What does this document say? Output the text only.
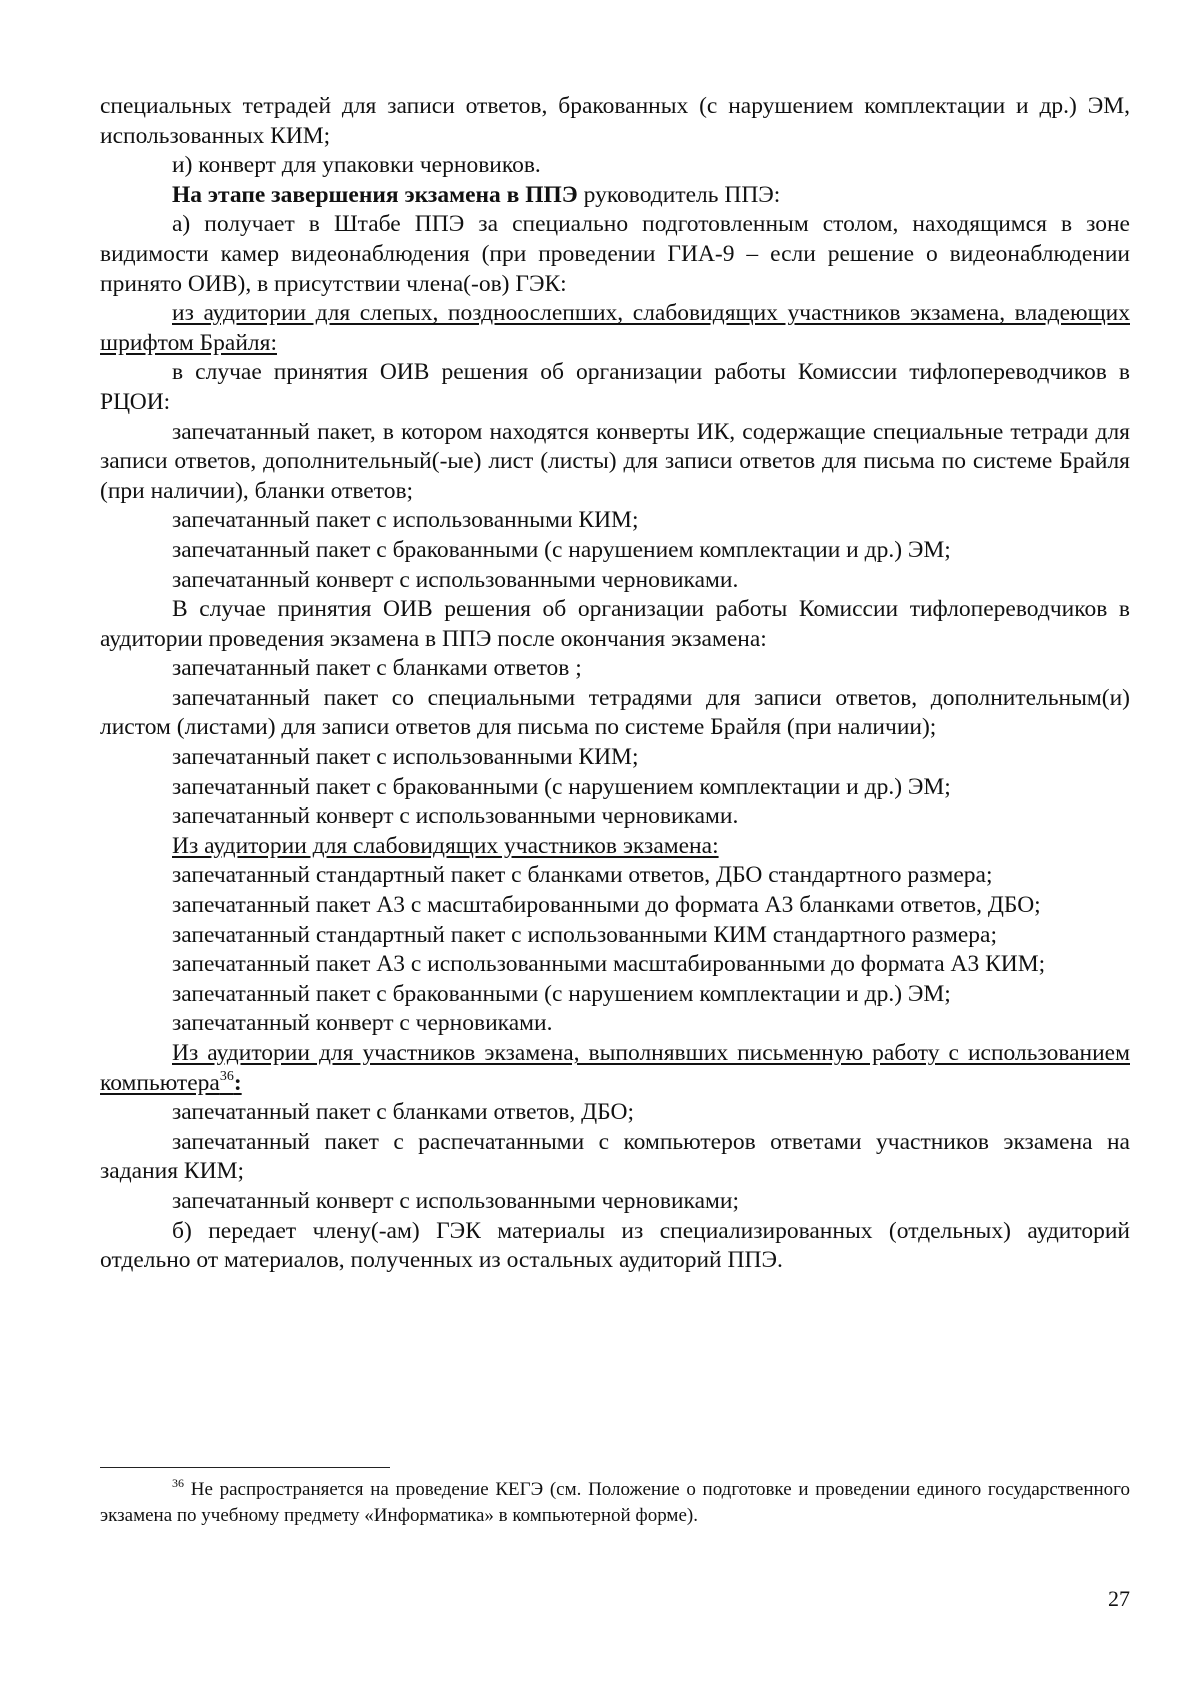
специальных тетрадей для записи ответов, бракованных (с нарушением комплектации и др.) ЭМ, использованных КИМ;

и) конверт для упаковки черновиков.

На этапе завершения экзамена в ППЭ руководитель ППЭ:

а) получает в Штабе ППЭ за специально подготовленным столом, находящимся в зоне видимости камер видеонаблюдения (при проведении ГИА-9 – если решение о видеонаблюдении принято ОИВ), в присутствии члена(-ов) ГЭК:

из аудитории для слепых, поздноослепших, слабовидящих участников экзамена, владеющих шрифтом Брайля:

в случае принятия ОИВ решения об организации работы Комиссии тифлопереводчиков в РЦОИ:

запечатанный пакет, в котором находятся конверты ИК, содержащие специальные тетради для записи ответов, дополнительный(-ые) лист (листы) для записи ответов для письма по системе Брайля (при наличии), бланки ответов;

запечатанный пакет с использованными КИМ;

запечатанный пакет с бракованными (с нарушением комплектации и др.) ЭМ;

запечатанный конверт с использованными черновиками.

В случае принятия ОИВ решения об организации работы Комиссии тифлопереводчиков в аудитории проведения экзамена в ППЭ после окончания экзамена:

запечатанный пакет с бланками ответов ;

запечатанный пакет со специальными тетрадями для записи ответов, дополнительным(и) листом (листами) для записи ответов для письма по системе Брайля (при наличии);

запечатанный пакет с использованными КИМ;

запечатанный пакет с бракованными (с нарушением комплектации и др.) ЭМ;

запечатанный конверт с использованными черновиками.

Из аудитории для слабовидящих участников экзамена:

запечатанный стандартный пакет с бланками ответов, ДБО стандартного размера;

запечатанный пакет А3 с масштабированными до формата А3 бланками ответов, ДБО;

запечатанный стандартный пакет с использованными КИМ стандартного размера;

запечатанный пакет А3 с использованными масштабированными до формата А3 КИМ;

запечатанный пакет с бракованными (с нарушением комплектации и др.) ЭМ;

запечатанный конверт с черновиками.

Из аудитории для участников экзамена, выполнявших письменную работу с использованием компьютера$^{36}$:

запечатанный пакет с бланками ответов, ДБО;

запечатанный пакет с распечатанными с компьютеров ответами участников экзамена на задания КИМ;

запечатанный конверт с использованными черновиками;

б) передает члену(-ам) ГЭК материалы из специализированных (отдельных) аудиторий отдельно от материалов, полученных из остальных аудиторий ППЭ.

$^{36}$ Не распространяется на проведение КЕГЭ (см. Положение о подготовке и проведении единого государственного экзамена по учебному предмету «Информатика» в компьютерной форме).

27
